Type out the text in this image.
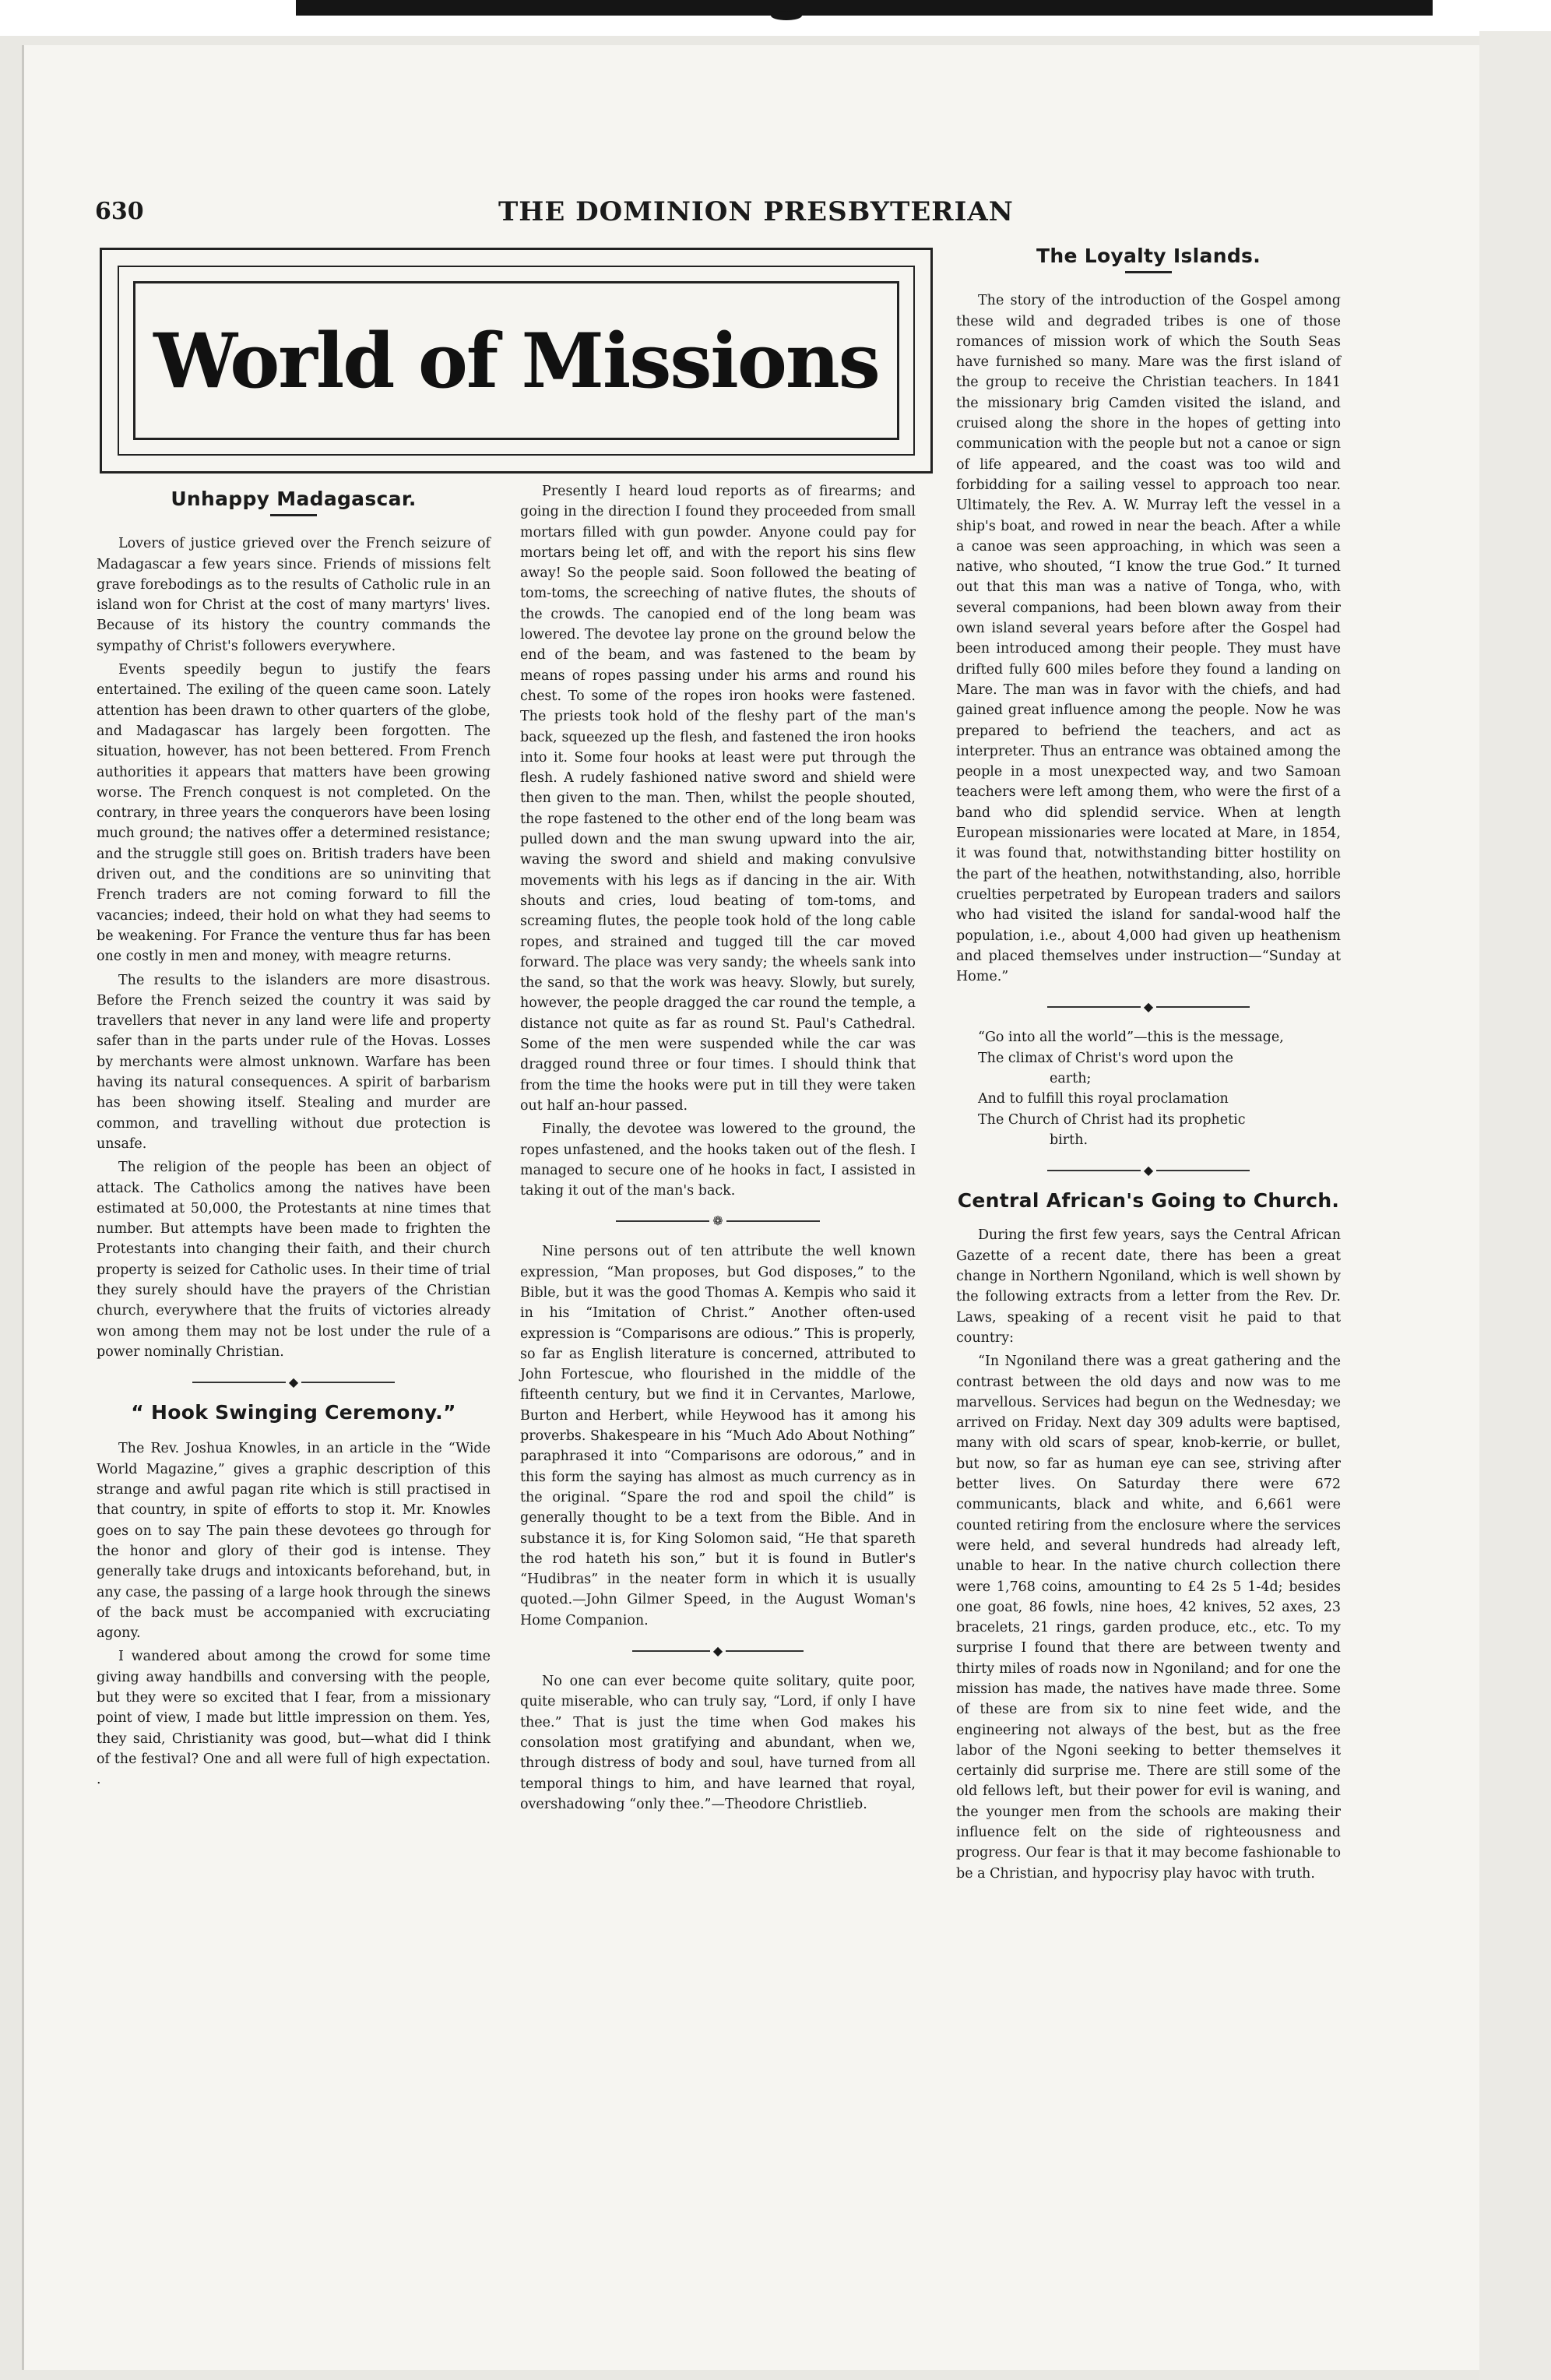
630	THE DOMINION PRESBYTERIAN
World of Missions
Unhappy Madagascar.

Lovers of justice grieved over the French seizure of Madagascar a few years since. Friends of missions felt grave forebodings as to the results of Catholic rule in an island won for Christ at the cost of many martyrs' lives. Because of its history the country commands the sympathy of Christ's followers everywhere.

Events speedily begun to justify the fears entertained. The exiling of the queen came soon. Lately attention has been drawn to other quarters of the globe, and Madagascar has largely been forgotten. The situation, however, has not been bettered. From French authorities it appears that matters have been growing worse. The French conquest is not completed. On the contrary, in three years the conquerors have been losing much ground; the natives offer a determined resistance; and the struggle still goes on. British traders have been driven out, and the conditions are so uninviting that French traders are not coming forward to fill the vacancies; indeed, their hold on what they had seems to be weakening. For France the venture thus far has been one costly in men and money, with meagre returns.

The results to the islanders are more disastrous. Before the French seized the country it was said by travellers that never in any land were life and property safer than in the parts under rule of the Hovas. Losses by merchants were almost unknown. Warfare has been having its natural consequences. A spirit of barbarism has been showing itself. Stealing and murder are common, and travelling without due protection is unsafe.

The religion of the people has been an object of attack. The Catholics among the natives have been estimated at 50,000, the Protestants at nine times that number. But attempts have been made to frighten the Protestants into changing their faith, and their church property is seized for Catholic uses. In their time of trial they surely should have the prayers of the Christian church, everywhere that the fruits of victories already won among them may not be lost under the rule of a power nominally Christian.

◆
“ Hook Swinging Ceremony.”

The Rev. Joshua Knowles, in an article in the “Wide World Magazine,” gives a graphic description of this strange and awful pagan rite which is still practised in that country, in spite of efforts to stop it. Mr. Knowles goes on to say The pain these devotees go through for the honor and glory of their god is intense. They generally take drugs and intoxicants beforehand, but, in any case, the passing of a large hook through the sinews of the back must be accompanied with excruciating agony.

I wandered about among the crowd for some time giving away handbills and conversing with the people, but they were so excited that I fear, from a missionary point of view, I made but little impression on them. Yes, they said, Christianity was good, but—what did I think of the festival? One and all were full of high expectation. .

Presently I heard loud reports as of firearms; and going in the direction I found they proceeded from small mortars filled with gun powder. Anyone could pay for mortars being let off, and with the report his sins flew away! So the people said. Soon followed the beating of tom-toms, the screeching of native flutes, the shouts of the crowds. The canopied end of the long beam was lowered. The devotee lay prone on the ground below the end of the beam, and was fastened to the beam by means of ropes passing under his arms and round his chest. To some of the ropes iron hooks were fastened. The priests took hold of the fleshy part of the man's back, squeezed up the flesh, and fastened the iron hooks into it. Some four hooks at least were put through the flesh. A rudely fashioned native sword and shield were then given to the man. Then, whilst the people shouted, the rope fastened to the other end of the long beam was pulled down and the man swung upward into the air, waving the sword and shield and making convulsive movements with his legs as if dancing in the air. With shouts and cries, loud beating of tom-toms, and screaming flutes, the people took hold of the long cable ropes, and strained and tugged till the car moved forward. The place was very sandy; the wheels sank into the sand, so that the work was heavy. Slowly, but surely, however, the people dragged the car round the temple, a distance not quite as far as round St. Paul's Cathedral. Some of the men were suspended while the car was dragged round three or four times. I should think that from the time the hooks were put in till they were taken out half an-hour passed.

Finally, the devotee was lowered to the ground, the ropes unfastened, and the hooks taken out of the flesh. I managed to secure one of he hooks in fact, I assisted in taking it out of the man's back.

❁

Nine persons out of ten attribute the well known expression, “Man proposes, but God disposes,” to the Bible, but it was the good Thomas A. Kempis who said it in his “Imitation of Christ.” Another often-used expression is “Comparisons are odious.” This is properly, so far as English literature is concerned, attributed to John Fortescue, who flourished in the middle of the fifteenth century, but we find it in Cervantes, Marlowe, Burton and Herbert, while Heywood has it among his proverbs. Shakespeare in his “Much Ado About Nothing” paraphrased it into “Comparisons are odorous,” and in this form the saying has almost as much currency as in the original. “Spare the rod and spoil the child” is generally thought to be a text from the Bible. And in substance it is, for King Solomon said, “He that spareth the rod hateth his son,” but it is found in Butler's “Hudibras” in the neater form in which it is usually quoted.—John Gilmer Speed, in the August Woman's Home Companion.

◆

No one can ever become quite solitary, quite poor, quite miserable, who can truly say, “Lord, if only I have thee.” That is just the time when God makes his consolation most gratifying and abundant, when we, through distress of body and soul, have turned from all temporal things to him, and have learned that royal, overshadowing “only thee.”—Theodore Christlieb.

The Loyalty Islands.

The story of the introduction of the Gospel among these wild and degraded tribes is one of those romances of mission work of which the South Seas have furnished so many. Mare was the first island of the group to receive the Christian teachers. In 1841 the missionary brig Camden visited the island, and cruised along the shore in the hopes of getting into communication with the people but not a canoe or sign of life appeared, and the coast was too wild and forbidding for a sailing vessel to approach too near. Ultimately, the Rev. A. W. Murray left the vessel in a ship's boat, and rowed in near the beach. After a while a canoe was seen approaching, in which was seen a native, who shouted, “I know the true God.” It turned out that this man was a native of Tonga, who, with several companions, had been blown away from their own island several years before after the Gospel had been introduced among their people. They must have drifted fully 600 miles before they found a landing on Mare. The man was in favor with the chiefs, and had gained great influence among the people. Now he was prepared to befriend the teachers, and act as interpreter. Thus an entrance was obtained among the people in a most unexpected way, and two Samoan teachers were left among them, who were the first of a band who did splendid service. When at length European missionaries were located at Mare, in 1854, it was found that, notwithstanding bitter hostility on the part of the heathen, notwithstanding, also, horrible cruelties perpetrated by European traders and sailors who had visited the island for sandal-wood half the population, i.e., about 4,000 had given up heathenism and placed themselves under instruction—“Sunday at Home.”

◆

“Go into all the world”—this is the message,

The climax of Christ's word upon the

earth;

And to fulfill this royal proclamation

The Church of Christ had its prophetic

birth.

◆
Central African's Going to Church.

During the first few years, says the Central African Gazette of a recent date, there has been a great change in Northern Ngoniland, which is well shown by the following extracts from a letter from the Rev. Dr. Laws, speaking of a recent visit he paid to that country:

“In Ngoniland there was a great gathering and the contrast between the old days and now was to me marvellous. Services had begun on the Wednesday; we arrived on Friday. Next day 309 adults were baptised, many with old scars of spear, knob-kerrie, or bullet, but now, so far as human eye can see, striving after better lives. On Saturday there were 672 communicants, black and white, and 6,661 were counted retiring from the enclosure where the services were held, and several hundreds had already left, unable to hear. In the native church collection there were 1,768 coins, amounting to £4 2s 5 1-4d; besides one goat, 86 fowls, nine hoes, 42 knives, 52 axes, 23 bracelets, 21 rings, garden produce, etc., etc. To my surprise I found that there are between twenty and thirty miles of roads now in Ngoniland; and for one the mission has made, the natives have made three. Some of these are from six to nine feet wide, and the engineering not always of the best, but as the free labor of the Ngoni seeking to better themselves it certainly did surprise me. There are still some of the old fellows left, but their power for evil is waning, and the younger men from the schools are making their influence felt on the side of righteousness and progress. Our fear is that it may become fashionable to be a Christian, and hypocrisy play havoc with truth.
